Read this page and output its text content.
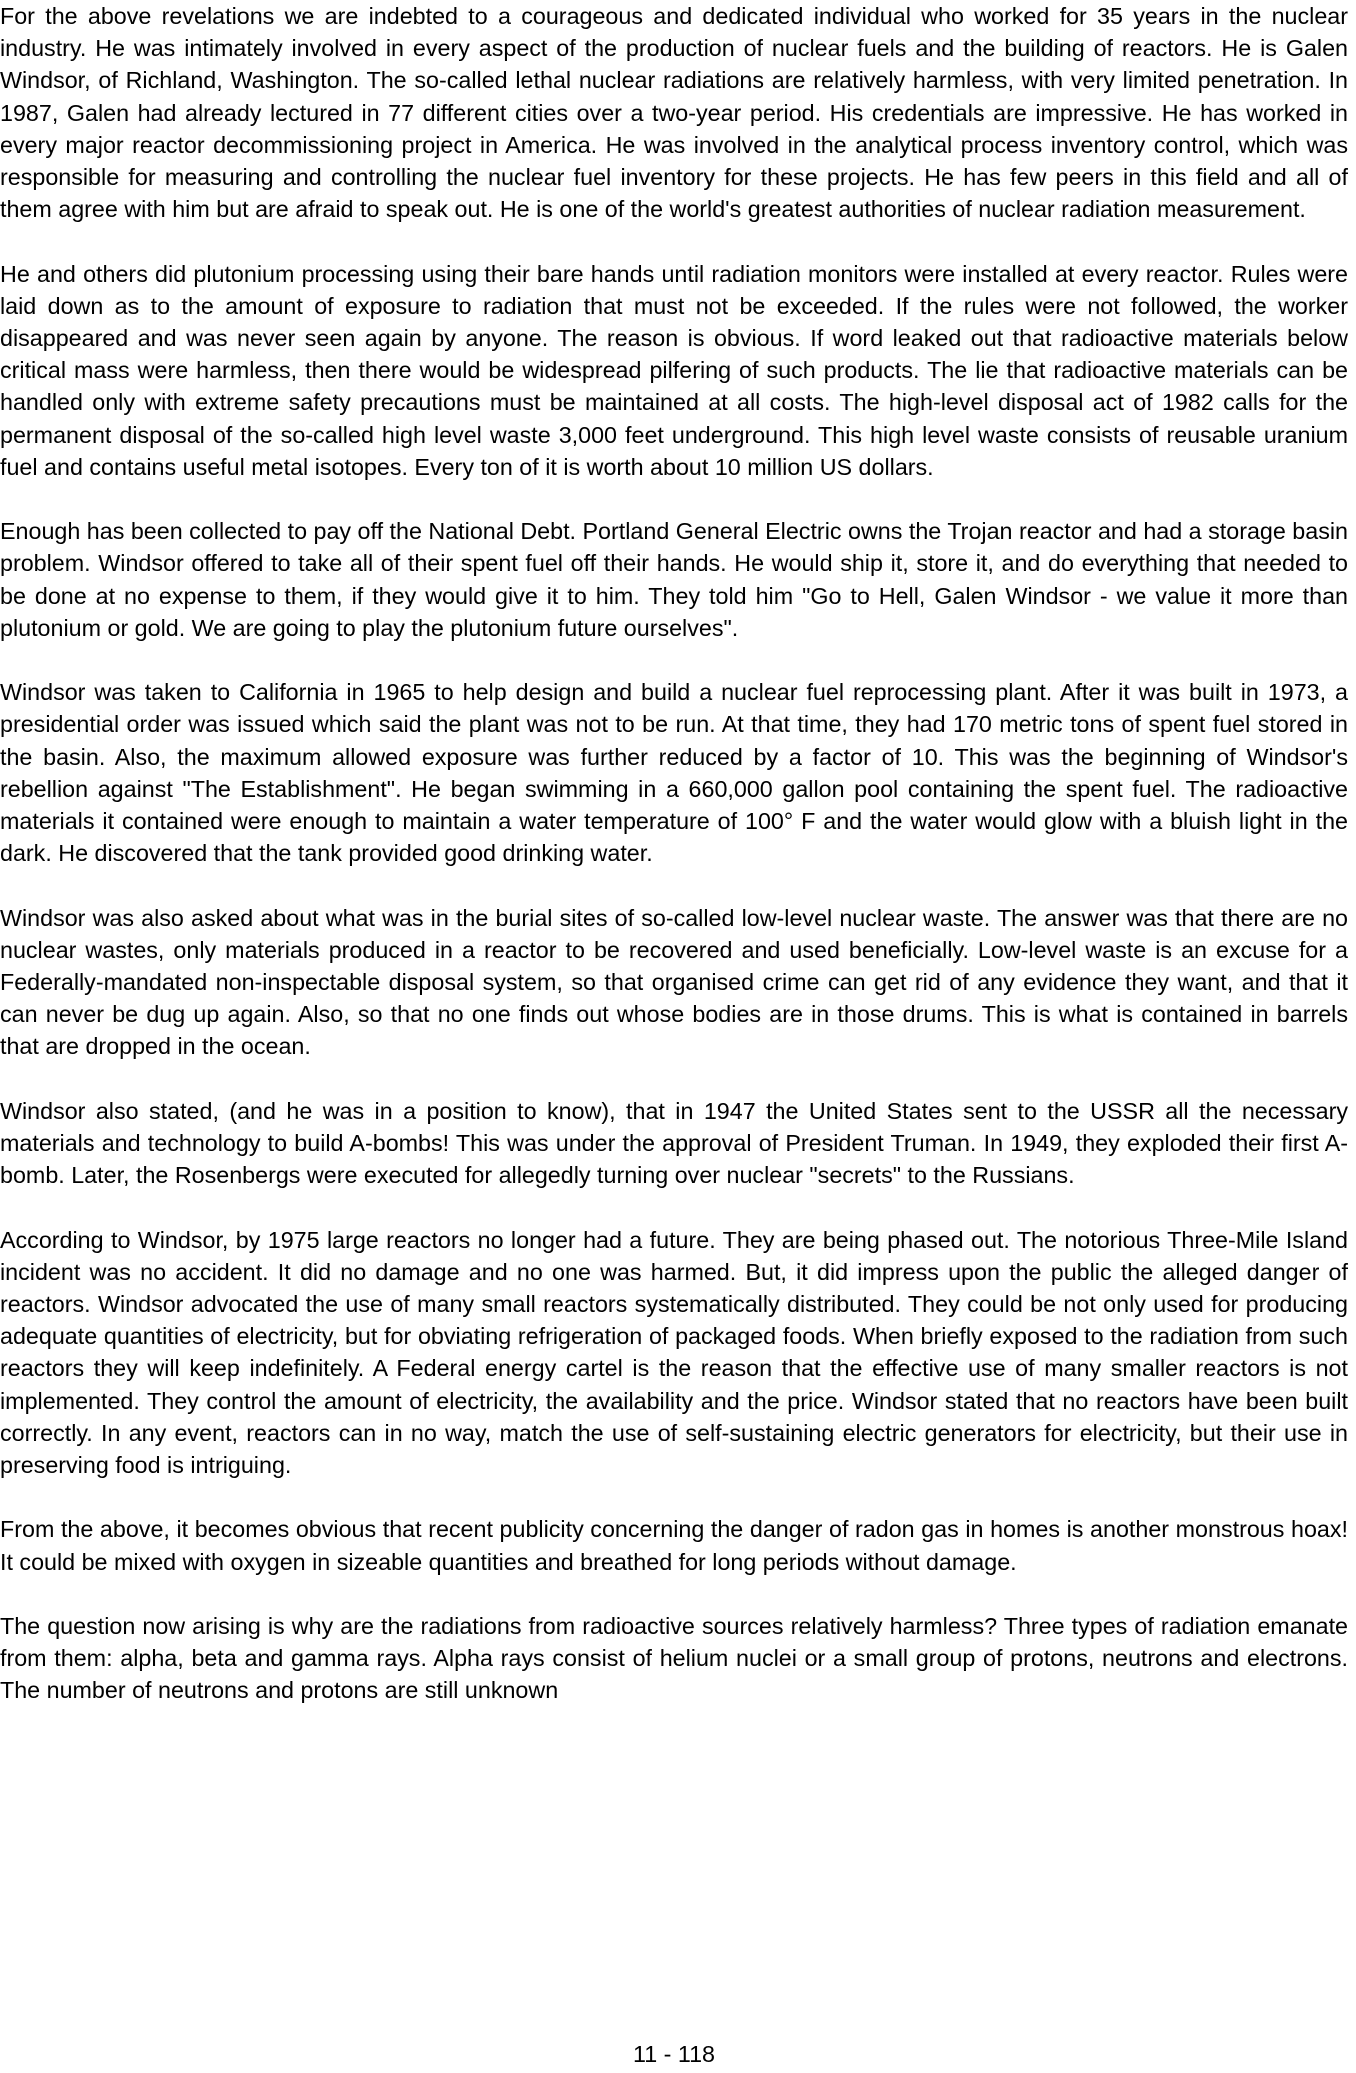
For the above revelations we are indebted to a courageous and dedicated individual who worked for 35 years in the nuclear industry. He was intimately involved in every aspect of the production of nuclear fuels and the building of reactors. He is Galen Windsor, of Richland, Washington. The so-called lethal nuclear radiations are relatively harmless, with very limited penetration. In 1987, Galen had already lectured in 77 different cities over a two-year period. His credentials are impressive. He has worked in every major reactor decommissioning project in America. He was involved in the analytical process inventory control, which was responsible for measuring and controlling the nuclear fuel inventory for these projects. He has few peers in this field and all of them agree with him but are afraid to speak out. He is one of the world's greatest authorities of nuclear radiation measurement.

He and others did plutonium processing using their bare hands until radiation monitors were installed at every reactor. Rules were laid down as to the amount of exposure to radiation that must not be exceeded. If the rules were not followed, the worker disappeared and was never seen again by anyone. The reason is obvious. If word leaked out that radioactive materials below critical mass were harmless, then there would be widespread pilfering of such products. The lie that radioactive materials can be handled only with extreme safety precautions must be maintained at all costs. The high-level disposal act of 1982 calls for the permanent disposal of the so-called high level waste 3,000 feet underground. This high level waste consists of reusable uranium fuel and contains useful metal isotopes. Every ton of it is worth about 10 million US dollars.

Enough has been collected to pay off the National Debt. Portland General Electric owns the Trojan reactor and had a storage basin problem. Windsor offered to take all of their spent fuel off their hands. He would ship it, store it, and do everything that needed to be done at no expense to them, if they would give it to him. They told him "Go to Hell, Galen Windsor - we value it more than plutonium or gold. We are going to play the plutonium future ourselves".

Windsor was taken to California in 1965 to help design and build a nuclear fuel reprocessing plant. After it was built in 1973, a presidential order was issued which said the plant was not to be run. At that time, they had 170 metric tons of spent fuel stored in the basin. Also, the maximum allowed exposure was further reduced by a factor of 10. This was the beginning of Windsor's rebellion against "The Establishment". He began swimming in a 660,000 gallon pool containing the spent fuel. The radioactive materials it contained were enough to maintain a water temperature of 100° F and the water would glow with a bluish light in the dark. He discovered that the tank provided good drinking water.

Windsor was also asked about what was in the burial sites of so-called low-level nuclear waste. The answer was that there are no nuclear wastes, only materials produced in a reactor to be recovered and used beneficially. Low-level waste is an excuse for a Federally-mandated non-inspectable disposal system, so that organised crime can get rid of any evidence they want, and that it can never be dug up again. Also, so that no one finds out whose bodies are in those drums. This is what is contained in barrels that are dropped in the ocean.

Windsor also stated, (and he was in a position to know), that in 1947 the United States sent to the USSR all the necessary materials and technology to build A-bombs! This was under the approval of President Truman. In 1949, they exploded their first A-bomb. Later, the Rosenbergs were executed for allegedly turning over nuclear "secrets" to the Russians.

According to Windsor, by 1975 large reactors no longer had a future. They are being phased out. The notorious Three-Mile Island incident was no accident. It did no damage and no one was harmed. But, it did impress upon the public the alleged danger of reactors. Windsor advocated the use of many small reactors systematically distributed. They could be not only used for producing adequate quantities of electricity, but for obviating refrigeration of packaged foods. When briefly exposed to the radiation from such reactors they will keep indefinitely. A Federal energy cartel is the reason that the effective use of many smaller reactors is not implemented. They control the amount of electricity, the availability and the price. Windsor stated that no reactors have been built correctly. In any event, reactors can in no way, match the use of self-sustaining electric generators for electricity, but their use in preserving food is intriguing.

From the above, it becomes obvious that recent publicity concerning the danger of radon gas in homes is another monstrous hoax! It could be mixed with oxygen in sizeable quantities and breathed for long periods without damage.

The question now arising is why are the radiations from radioactive sources relatively harmless? Three types of radiation emanate from them: alpha, beta and gamma rays. Alpha rays consist of helium nuclei or a small group of protons, neutrons and electrons. The number of neutrons and protons are still unknown

11 - 118
